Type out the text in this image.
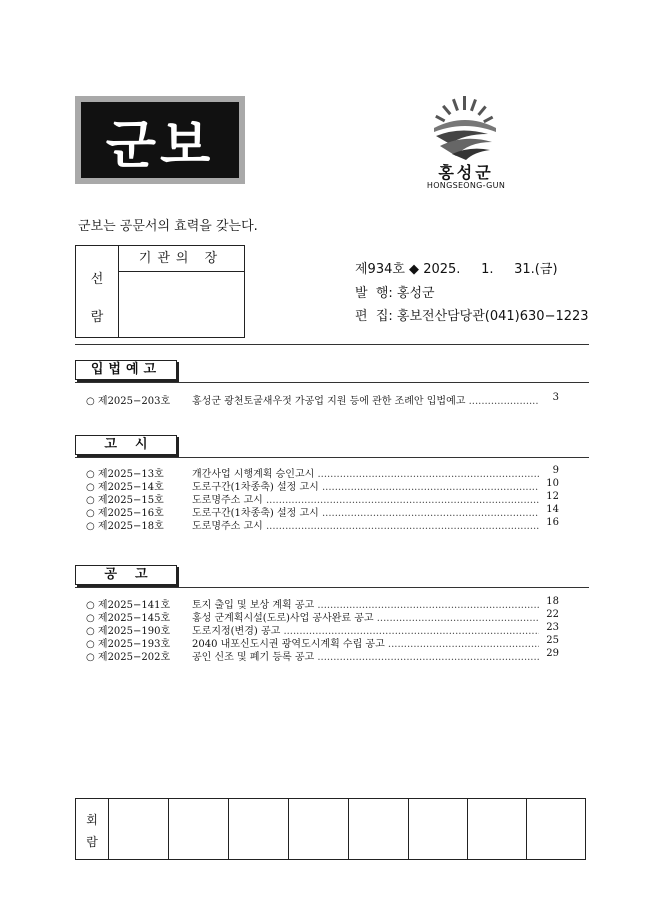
군보	홍성군
HONGSEONG-GUN
군보는 공문서의 효력을 갖는다.
선
람
기관의 장
제934호 ◆ 2025.     1.     31.(금)
발  행: 홍성군
편  집: 홍보전산담당관(041)630−1223
입법예고
○ 제2025−203호 홍성군 광천토굴새우젓 가공업 지원 등에 관한 조례안 입법예고 .....	3
고    시
○ 제2025−13호	개간사업 시행계획 승인고시 .....	9
○ 제2025−14호	도로구간(1차종축) 설정 고시 .....	10
○ 제2025−15호	도로명주소 고시 .....	12
○ 제2025−16호	도로구간(1차종축) 설정 고시 .....	14
○ 제2025−18호	도로명주소 고시 .....	16
공    고
○ 제2025−141호 토지 출입 및 보상 계획 공고 .....	18
○ 제2025−145호 홍성 군계획시설(도로)사업 공사완료 공고 .....	22
○ 제2025−190호 도로지정(변경) 공고 .....	23
○ 제2025−193호 2040 내포신도시권 광역도시계획 수립 공고 .....	25
○ 제2025−202호 공인 신조 및 폐기 등록 공고 .....	29
회
람
